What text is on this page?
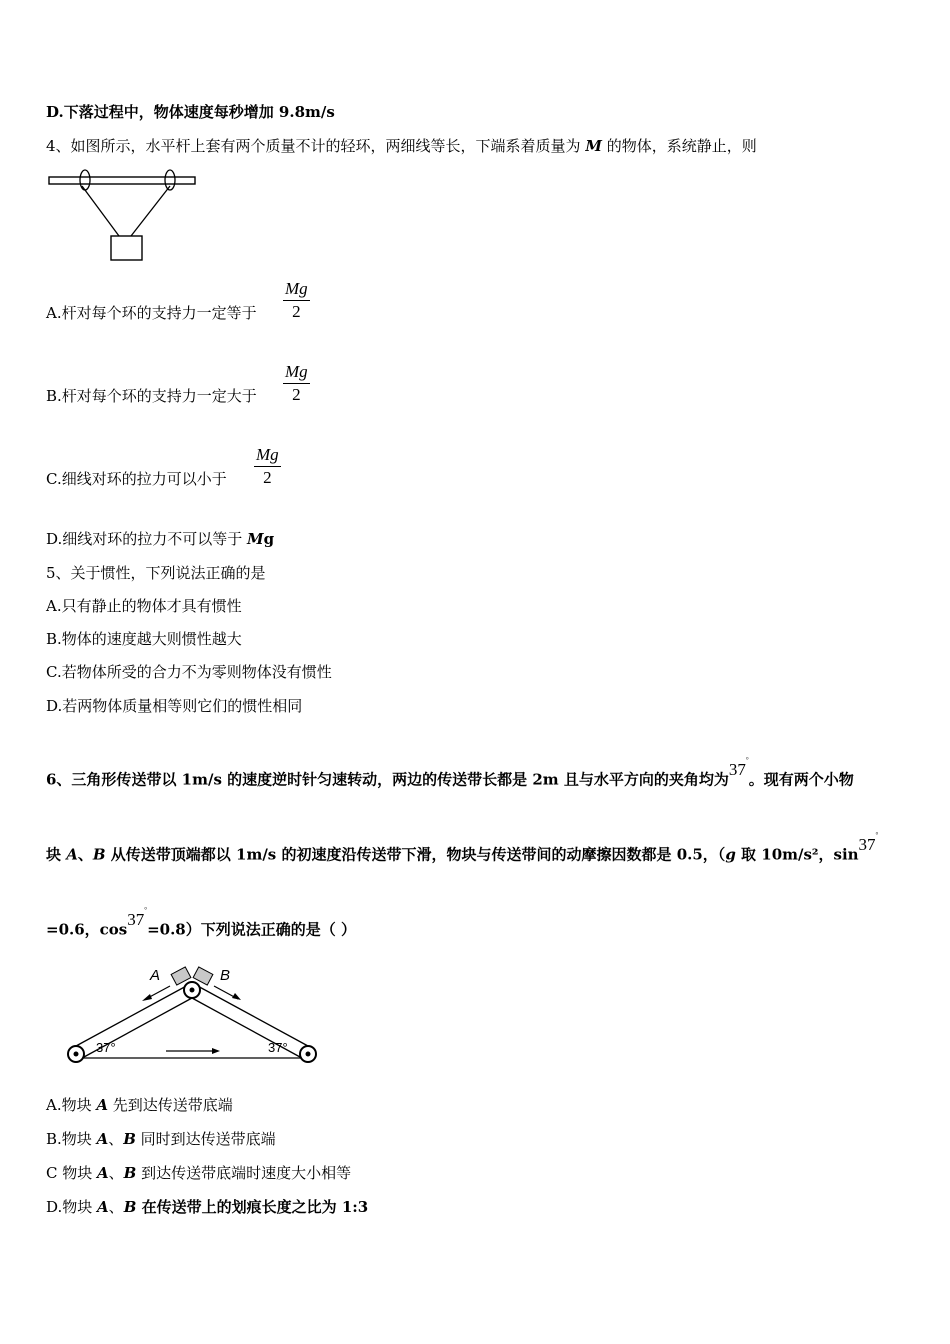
D.下落过程中，物体速度每秒增加 9.8m/s
4、如图所示，水平杆上套有两个质量不计的轻环，两细线等长，下端系着质量为 M 的物体，系统静止，则
A.杆对每个环的支持力一定等于 $\frac{Mg}{2}$
B.杆对每个环的支持力一定大于 $\frac{Mg}{2}$
C.细线对环的拉力可以小于 $\frac{Mg}{2}$
D.细线对环的拉力不可以等于 Mg
5、关于惯性，下列说法正确的是
A.只有静止的物体才具有惯性
B.物体的速度越大则惯性越大
C.若物体所受的合力不为零则物体没有惯性
D.若两物体质量相等则它们的惯性相同
6、三角形传送带以 1m/s 的速度逆时针匀速转动，两边的传送带长都是 2m 且与水平方向的夹角均为37°。现有两个小物
块 A、B 从传送带顶端都以 1m/s 的初速度沿传送带下滑，物块与传送带间的动摩擦因数都是 0.5，（g 取 10m/s²，sin37°
=0.6，cos37°=0.8）下列说法正确的是（ ）
A	B
37°	37°
A.物块 A 先到达传送带底端
B.物块 A、B 同时到达传送带底端
C 物块 A、B 到达传送带底端时速度大小相等
D.物块 A、B 在传送带上的划痕长度之比为 1:3
